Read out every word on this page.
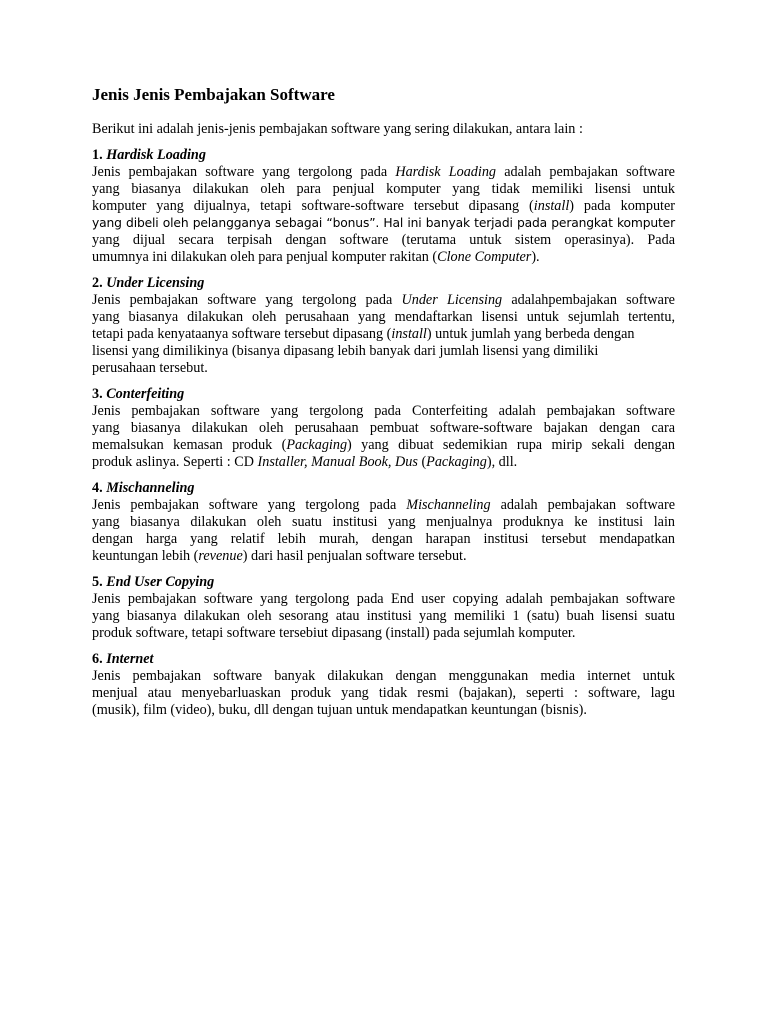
Jenis Jenis Pembajakan Software
Berikut ini adalah jenis-jenis pembajakan software yang sering dilakukan, antara lain :
1. Hardisk Loading
Jenis pembajakan software yang tergolong pada Hardisk Loading adalah pembajakan software
yang biasanya dilakukan oleh para penjual komputer yang tidak memiliki lisensi untuk
komputer yang dijualnya, tetapi software-software tersebut dipasang (install) pada komputer
yang dibeli oleh pelangganya sebagai “bonus”. Hal ini banyak terjadi pada perangkat komputer
yang dijual secara terpisah dengan software (terutama untuk sistem operasinya). Pada
umumnya ini dilakukan oleh para penjual komputer rakitan (Clone Computer).
2. Under Licensing
Jenis pembajakan software yang tergolong pada Under Licensing adalahpembajakan software
yang biasanya dilakukan oleh perusahaan yang mendaftarkan lisensi untuk sejumlah tertentu,
tetapi pada kenyataanya software tersebut dipasang (install) untuk jumlah yang berbeda dengan
lisensi yang dimilikinya (bisanya dipasang lebih banyak dari jumlah lisensi yang dimiliki
perusahaan tersebut.
3. Conterfeiting
Jenis pembajakan software yang tergolong pada Conterfeiting adalah pembajakan software
yang biasanya dilakukan oleh perusahaan pembuat software-software bajakan dengan cara
memalsukan kemasan produk (Packaging) yang dibuat sedemikian rupa mirip sekali dengan
produk aslinya. Seperti : CD Installer, Manual Book, Dus (Packaging), dll.
4. Mischanneling
Jenis pembajakan software yang tergolong pada Mischanneling adalah pembajakan software
yang biasanya dilakukan oleh suatu institusi yang menjualnya produknya ke institusi lain
dengan harga yang relatif lebih murah, dengan harapan institusi tersebut mendapatkan
keuntungan lebih (revenue) dari hasil penjualan software tersebut.
5. End User Copying
Jenis pembajakan software yang tergolong pada End user copying adalah pembajakan software
yang biasanya dilakukan oleh sesorang atau institusi yang memiliki 1 (satu) buah lisensi suatu
produk software, tetapi software tersebiut dipasang (install) pada sejumlah komputer.
6. Internet
Jenis pembajakan software banyak dilakukan dengan menggunakan media internet untuk
menjual atau menyebarluaskan produk yang tidak resmi (bajakan), seperti : software, lagu
(musik), film (video), buku, dll dengan tujuan untuk mendapatkan keuntungan (bisnis).
